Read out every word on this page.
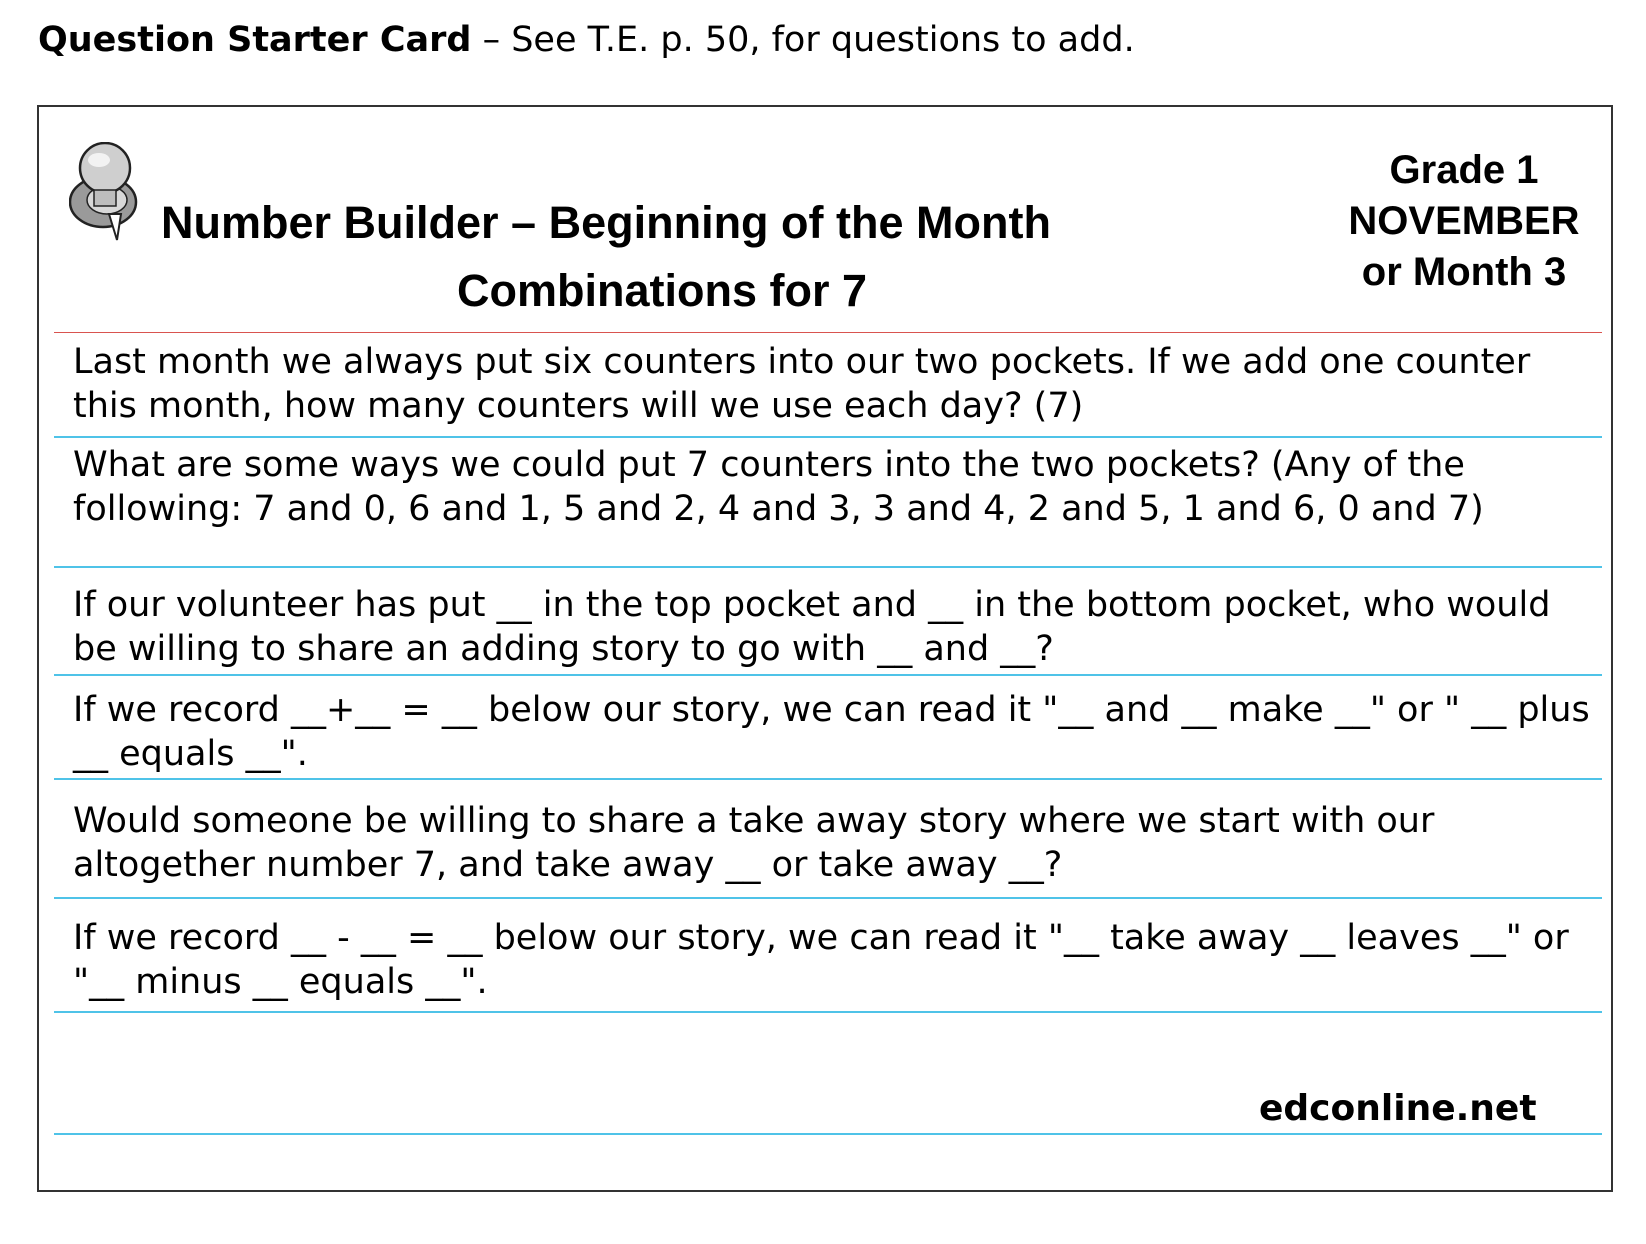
Question Starter Card – See T.E. p. 50, for questions to add.
Number Builder – Beginning of the Month
Combinations for 7
Grade 1
NOVEMBER
or Month 3
Last month we always put six counters into our two pockets. If we add one counter this month, how many counters will we use each day? (7)
What are some ways we could put 7 counters into the two pockets? (Any of the following: 7 and 0, 6 and 1, 5 and 2, 4 and 3, 3 and 4, 2 and 5, 1 and 6, 0 and 7)
If our volunteer has put __ in the top pocket and __ in the bottom pocket, who would be willing to share an adding story to go with __ and __?
If we record __+__ = __ below our story, we can read it "__ and __ make __" or " __ plus __ equals __".
Would someone be willing to share a take away story where we start with our altogether number 7, and take away __ or take away __?
If we record __ - __ = __ below our story, we can read it "__ take away __ leaves __" or "__ minus __ equals __".
edconline.net
